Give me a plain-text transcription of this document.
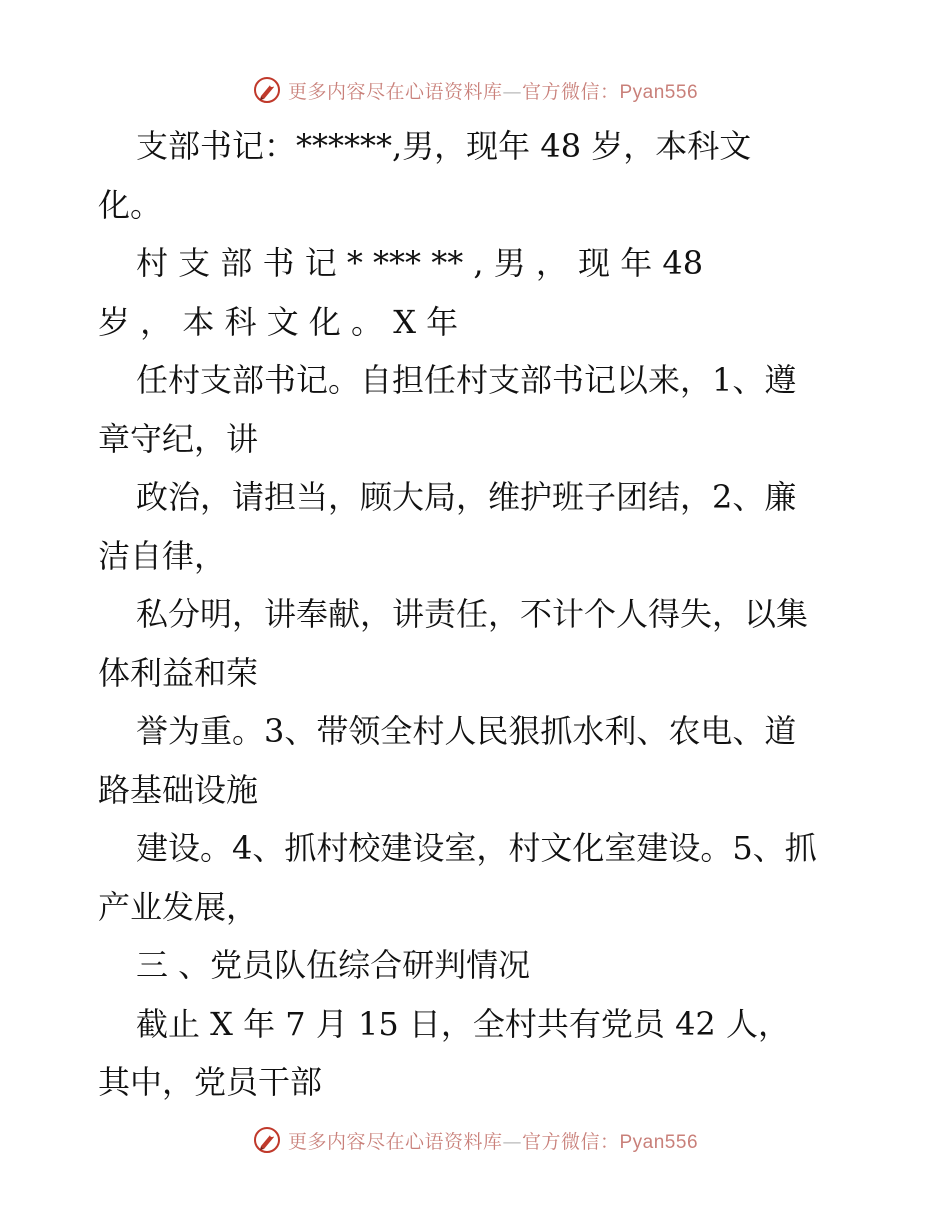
更多内容尽在心语资料库—官方微信：Pyan556
支部书记：******,男，现年 48 岁，本科文
化。
村 支 部 书 记 * *** ** , 男 ， 现 年 48
岁 ， 本 科 文 化 。 X 年
任村支部书记。自担任村支部书记以来，1、遵
章守纪，讲
政治，请担当，顾大局，维护班子团结，2、廉
洁自律，
私分明，讲奉献，讲责任，不计个人得失，以集
体利益和荣
誉为重。3、带领全村人民狠抓水利、农电、道
路基础设施
建设。4、抓村校建设室，村文化室建设。5、抓
产业发展，
三 、党员队伍综合研判情况
截止 X 年 7 月 15 日，全村共有党员 42 人，
其中，党员干部
更多内容尽在心语资料库—官方微信：Pyan556
